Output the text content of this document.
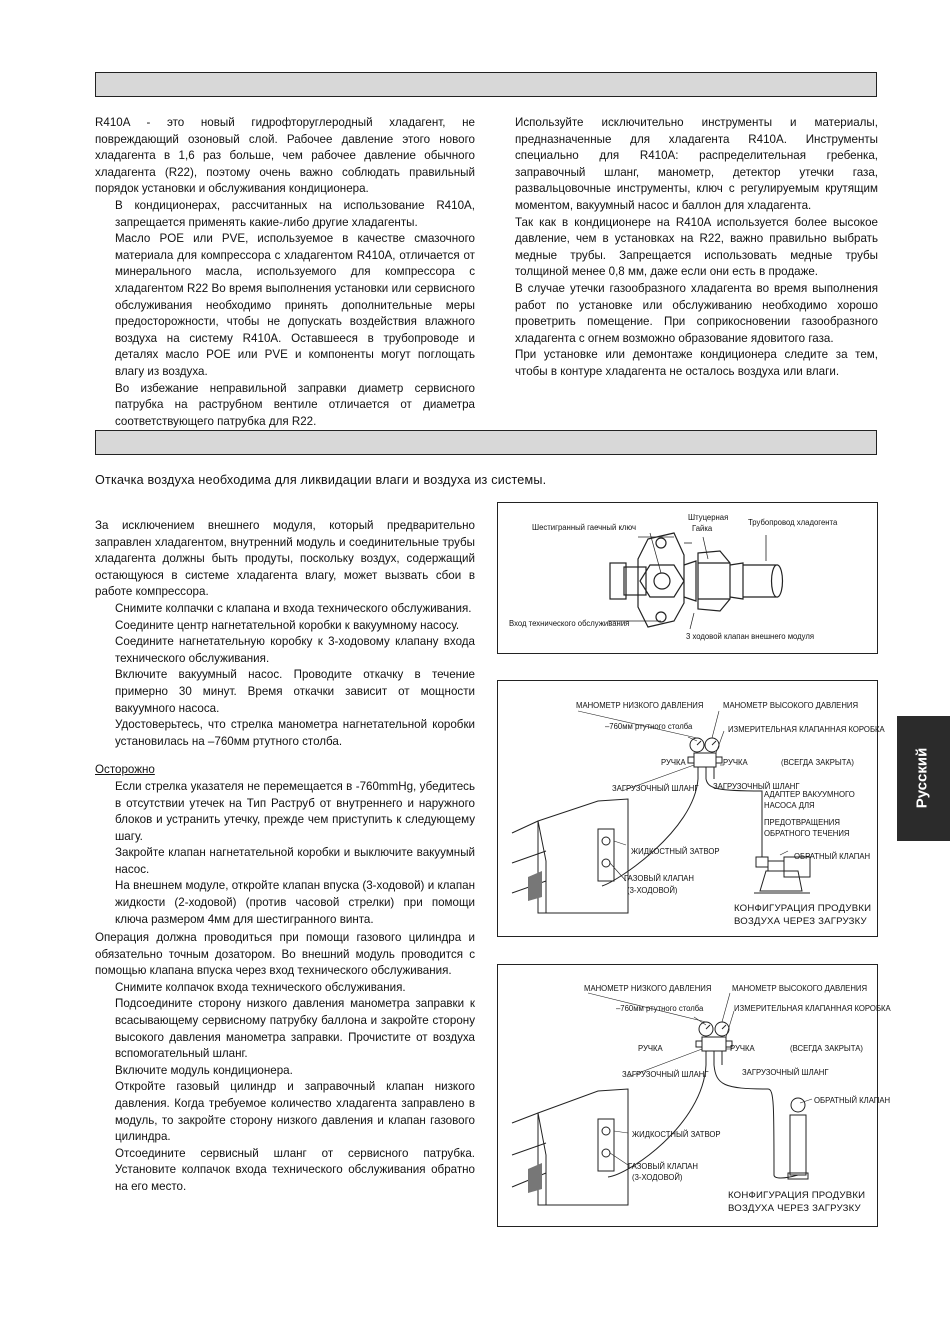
R410A - это новый гидрофторуглеродный хладагент, не повреждающий озоновый слой. Рабочее давление этого нового хладагента в 1,6 раз больше, чем рабочее давление обычного хладагента (R22), поэтому очень важно соблюдать правильный порядок установки и обслуживания кондиционера.

В кондиционерах, рассчитанных на использование R410A, запрещается применять какие-либо другие хладагенты.

Масло POE или PVE, используемое в качестве смазочного материала для компрессора с хладагентом R410A, отличается от минерального масла, используемого для компрессора с хладагентом R22 Во время выполнения установки или сервисного обслуживания необходимо принять дополнительные меры предосторожности, чтобы не допускать воздействия влажного воздуха на систему R410A. Оставшееся в трубопроводе и деталях масло POE или PVE и компоненты могут поглощать влагу из воздуха.

Во избежание неправильной заправки диаметр сервисного патрубка на раструбном вентиле отличается от диаметра соответствующего патрубка для R22.

Используйте исключительно инструменты и материалы, предназначенные для хладагента R410A. Инструменты специально для R410A: распределительная гребенка, заправочный шланг, манометр, детектор утечки газа, развальцовочные инструменты, ключ с регулируемым крутящим моментом, вакуумный насос и баллон для хладагента.

Так как в кондиционере на R410A используется более высокое давление, чем в установках на R22, важно правильно выбрать медные трубы. Запрещается использовать медные трубы толщиной менее 0,8 мм, даже если они есть в продаже.

В случае утечки газообразного хладагента во время выполнения работ по установке или обслуживанию необходимо хорошо проветрить помещение. При соприкосновении газообразного хладагента с огнем возможно образование ядовитого газа.

При установке или демонтаже кондиционера следите за тем, чтобы в контуре хладагента не осталось воздуха или влаги.

Откачка воздуха необходима для ликвидации влаги и воздуха из системы.

За исключением внешнего модуля, который предварительно заправлен хладагентом, внутренний модуль и соединительные трубы хладагента должны быть продуты, поскольку воздух, содержащий остающуюся в системе хладагента влагу, может вызвать сбои в работе компрессора.

Снимите колпачки с клапана и входа технического обслуживания.

Соедините центр нагнетательной коробки к вакуумному насосу.

Соедините нагнетательную коробку к 3-ходовому клапану входа технического обслуживания.

Включите вакуумный насос. Проводите откачку в течение примерно 30 минут. Время откачки зависит от мощности вакуумного насоса.

Удостоверьтесь, что стрелка манометра нагнетательной коробки установилась на –760мм ртутного столба.

Осторожно

Если стрелка указателя не перемещается в -760mmHg, убедитесь в отсутствии утечек на Тип Раструб от внутреннего и наружного блоков и устранить утечку, прежде чем приступить к следующему шагу.

Закройте клапан нагнетательной коробки и выключите вакуумный насос.

На внешнем модуле, откройте клапан впуска (3-ходовой) и клапан жидкости (2-ходовой) (против часовой стрелки) при помощи ключа размером 4мм для шестигранного винта.

Операция должна проводиться при помощи газового цилиндра и обязательно точным дозатором. Во внешний модуль проводится с помощью клапана впуска через вход технического обслуживания.

Снимите колпачок входа технического обслуживания.

Подсоедините сторону низкого давления манометра заправки к всасывающему сервисному патрубку баллона и закройте сторону высокого давления манометра заправки. Прочистите от воздуха вспомогательный шланг.

Включите модуль кондиционера.

Откройте газовый цилиндр и заправочный клапан низкого давления. Когда требуемое количество хладагента заправлено в модуль, то закройте сторону низкого давления и клапан газового цилиндра.

Отсоедините сервисный шланг от сервисного патрубка. Установите колпачок входа технического обслуживания обратно на его место.

Шестигранный гаечный ключ
Штуцерная
Гайка
Трубопровод хладогента
Вход технического обслуживания
3 ходовой клапан внешнего модуля
МАНОМЕТР НИЗКОГО ДАВЛЕНИЯ МАНОМЕТР ВЫСОКОГО ДАВЛЕНИЯ
–760мм ртутного столба	ИЗМЕРИТЕЛЬНАЯ КЛАПАННАЯ КОРОБКА
РУЧКА	РУЧКА	(ВСЕГДА ЗАКРЫТА)
ЗАГРУЗОЧНЫЙ ШЛАНГ ЗАГРУЗОЧНЫЙ ШЛАНГ
АДАПТЕР ВАКУУМНОГО
НАСОСА ДЛЯ
ПРЕДОТВРАЩЕНИЯ
ОБРАТНОГО ТЕЧЕНИЯ
ЖИДКОСТНЫЙ ЗАТВОР
ГАЗОВЫЙ КЛАПАН
(3-ХОДОВОЙ)
ОБРАТНЫЙ КЛАПАН
КОНФИГУРАЦИЯ ПРОДУВКИ
ВОЗДУХА ЧЕРЕЗ ЗАГРУЗКУ
МАНОМЕТР НИЗКОГО ДАВЛЕНИЯ МАНОМЕТР ВЫСОКОГО ДАВЛЕНИЯ
–760мм ртутного столба	ИЗМЕРИТЕЛЬНАЯ КЛАПАННАЯ КОРОБКА
РУЧКА	РУЧКА	(ВСЕГДА ЗАКРЫТА)
ЗАГРУЗОЧНЫЙ ШЛАНГ	ЗАГРУЗОЧНЫЙ ШЛАНГ
ОБРАТНЫЙ КЛАПАН
ЖИДКОСТНЫЙ ЗАТВОР
ГАЗОВЫЙ КЛАПАН
(3-ХОДОВОЙ)
КОНФИГУРАЦИЯ ПРОДУВКИ
ВОЗДУХА ЧЕРЕЗ ЗАГРУЗКУ
Русский
